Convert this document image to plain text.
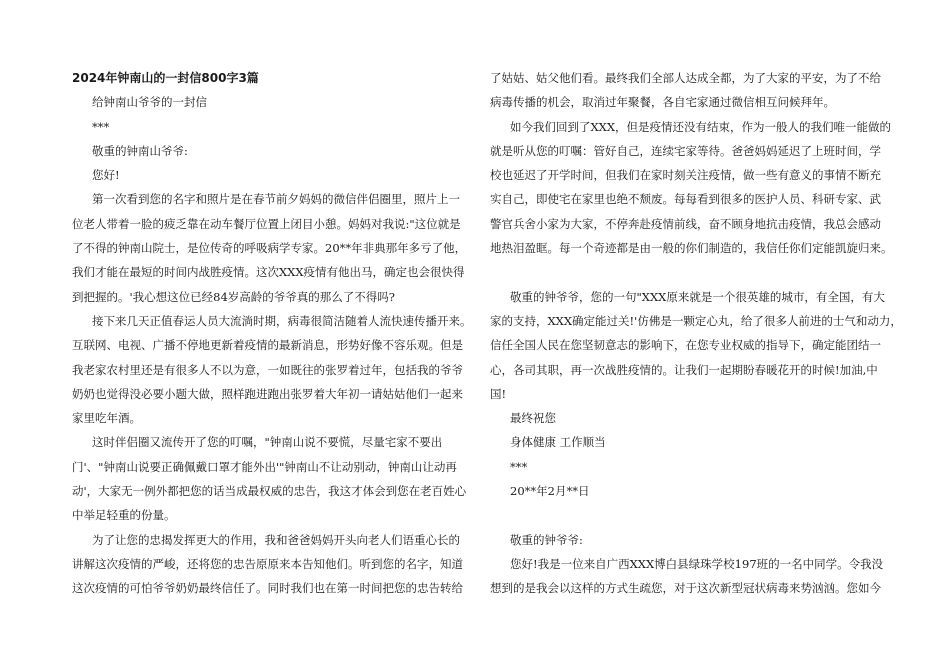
2024年钟南山的一封信800字3篇
给钟南山爷爷的一封信
***
敬重的钟南山爷爷:
您好!
第一次看到您的名字和照片是在春节前夕妈妈的微信伴侣圈里，照片上一
位老人带着一脸的疲乏靠在动车餐厅位置上闭目小憩。妈妈对我说:"这位就是
了不得的钟南山院士，是位传奇的呼吸病学专家。20**年非典那年多亏了他，
我们才能在最短的时间内战胜疫情。这次XXX疫情有他出马，确定也会很快得
到把握的。'我心想这位已经84岁高龄的爷爷真的那么了不得吗?
接下来几天正值春运人员大流淌时期，病毒很简洁随着人流快速传播开来。
互联网、电视、广播不停地更新着疫情的最新消息，形势好像不容乐观。但是
我老家农村里还是有很多人不以为意，一如既往的张罗着过年，包括我的爷爷
奶奶也觉得没必要小题大做，照样跑进跑出张罗着大年初一请姑姑他们一起来
家里吃年酒。
这时伴侣圈又流传开了您的叮嘱，"钟南山说不要慌，尽量宅家不要出
门'、"钟南山说要正确佩戴口罩才能外出'"钟南山不让动别动，钟南山让动再
动'，大家无一例外都把您的话当成最权威的忠告，我这才体会到您在老百姓心
中举足轻重的份量。
为了让您的忠揭发挥更大的作用，我和爸爸妈妈开头向老人们语重心长的
讲解这次疫情的严峻，还将您的忠告原原来本告知他们。听到您的名字，知道
这次疫情的可怕爷爷奶奶最终信任了。同时我们也在第一时间把您的忠告转给
了姑姑、姑父他们看。最终我们全部人达成全都，为了大家的平安，为了不给
病毒传播的机会，取消过年聚餐，各自宅家通过微信相互问候拜年。
如今我们回到了XXX，但是疫情还没有结束，作为一般人的我们唯一能做的
就是听从您的叮嘱：管好自己，连续宅家等待。爸爸妈妈延迟了上班时间，学
校也延迟了开学时间，但我们在家时刻关注疫情，做一些有意义的事情不断充
实自己，即使宅在家里也绝不颓废。每每看到很多的医护人员、科研专家、武
警官兵舍小家为大家，不停奔赴疫情前线，奋不顾身地抗击疫情，我总会感动
地热泪盈眶。每一个奇迹都是由一般的你们制造的，我信任你们定能凯旋归来。
敬重的钟爷爷，您的一句"XXX原来就是一个很英雄的城市，有全国，有大
家的支持，XXX确定能过关!'仿佛是一颗定心丸，给了很多人前进的士气和动力，
信任全国人民在您坚韧意志的影响下，在您专业权威的指导下，确定能团结一
心，各司其职，再一次战胜疫情的。让我们一起期盼春暖花开的时候!加油,中
国!
最终祝您
身体健康 工作顺当
***
20**年2月**日
敬重的钟爷爷:
您好!我是一位来自广西XXX博白县绿珠学校197班的一名中同学。令我没
想到的是我会以这样的方式生疏您，对于这次新型冠状病毒来势汹汹。您如今
